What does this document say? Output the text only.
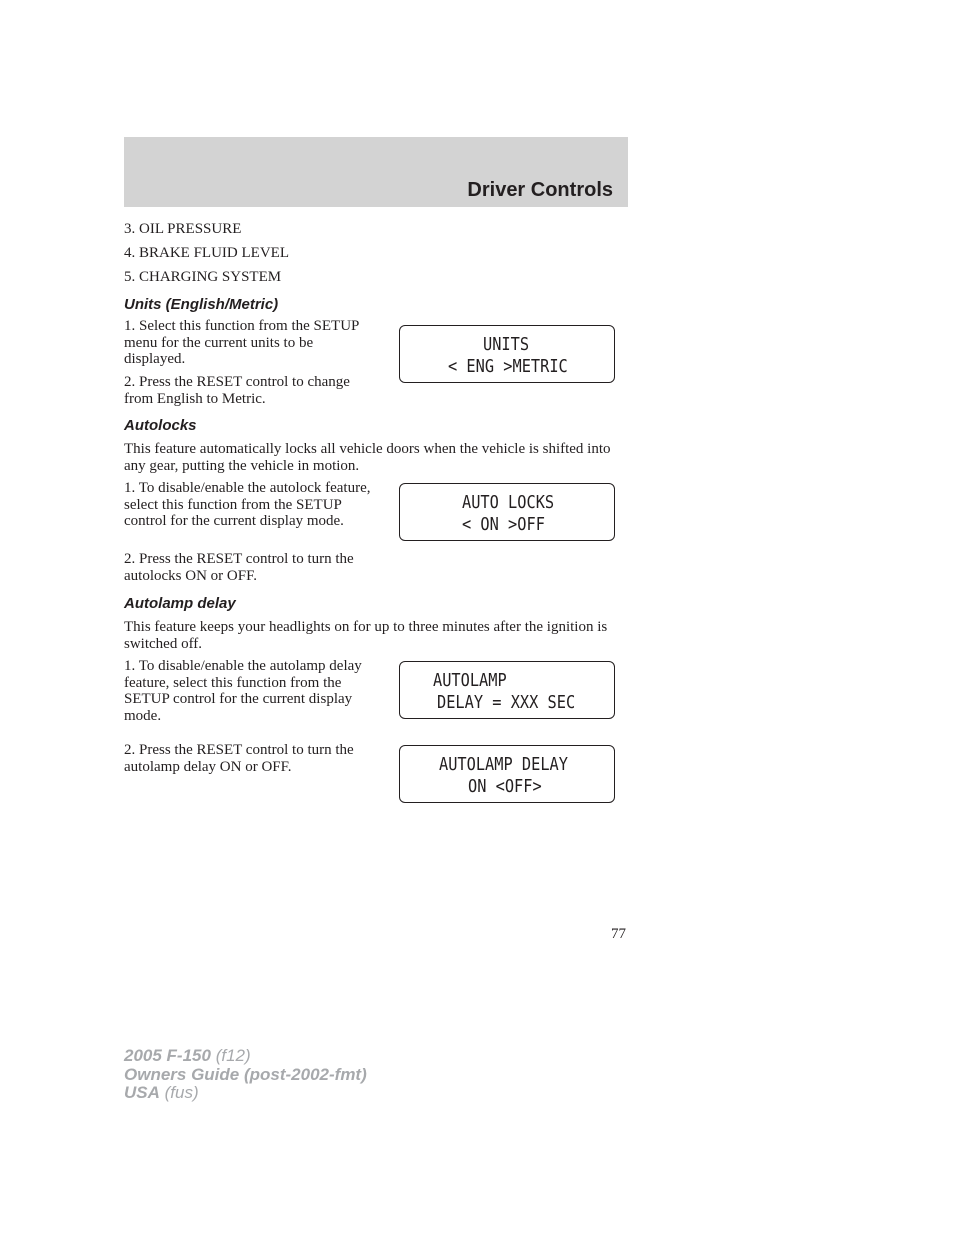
Driver Controls
3. OIL PRESSURE
4. BRAKE FLUID LEVEL
5. CHARGING SYSTEM
Units (English/Metric)
1. Select this function from the SETUP menu for the current units to be displayed.
2. Press the RESET control to change from English to Metric.
UNITS
< ENG >METRIC
Autolocks
This feature automatically locks all vehicle doors when the vehicle is shifted into any gear, putting the vehicle in motion.
1. To disable/enable the autolock feature, select this function from the SETUP control for the current display mode.
2. Press the RESET control to turn the autolocks ON or OFF.
AUTO LOCKS
< ON >OFF
Autolamp delay
This feature keeps your headlights on for up to three minutes after the ignition is switched off.
1. To disable/enable the autolamp delay feature, select this function from the SETUP control for the current display mode.
2. Press the RESET control to turn the autolamp delay ON or OFF.
AUTOLAMP
DELAY = XXX SEC
AUTOLAMP DELAY
ON <OFF>
77
2005 F-150 (f12)
Owners Guide (post-2002-fmt)
USA (fus)
